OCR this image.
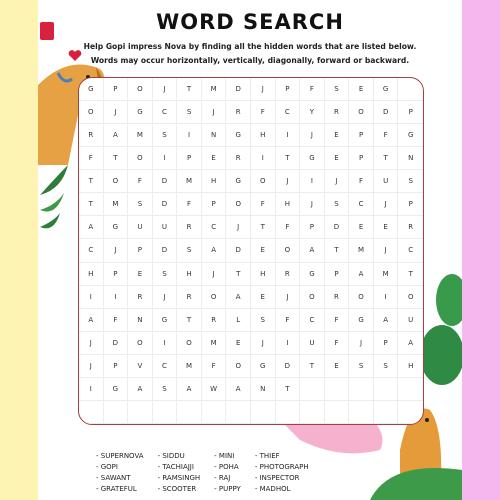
WORD SEARCH
Help Gopi impress Nova by finding all the hidden words that are listed below.
Words may occur horizontally, vertically, diagonally, forward or backward.
G	P	O	J	T	M	D	J	P	F	S	E	G
O	J	G	C	S	J	R	F	C	Y	R	O	D	P
R	A	M	S	I	N	G	H	I	J	E	P	F	G
F	T	O	I	P	E	R	I	T	G	E	P	T	N
T	O	F	D	M	H	G	O	J	I	J	F	U	S
T	M	S	D	F	P	O	F	H	J	S	C	J	P
A	G	U	U	R	C	J	T	F	P	D	E	E	R
C	J	P	D	S	A	D	E	O	A	T	M	J	C
H	P	E	S	H	J	T	H	R	G	P	A	M	T
I	I	R	J	R	O	A	E	J	O	R	O	I	O
A	F	N	G	T	R	L	S	F	C	F	G	A	U
J	D	O	I	O	M	E	J	I	U	F	J	P	A
J	P	V	C	M	F	O	G	D	T	E	S	S	H
I	G	A	S	A	W	A	N	T
- SUPERNOVA
- GOPI
- SAWANT
- GRATEFUL
- SIDDU
- TACHIAJJI
- RAMSINGH
- SCOOTER
- MINI
- POHA
- RAJ
- PUPPY
- THIEF
- PHOTOGRAPH
- INSPECTOR
- MADHOL
